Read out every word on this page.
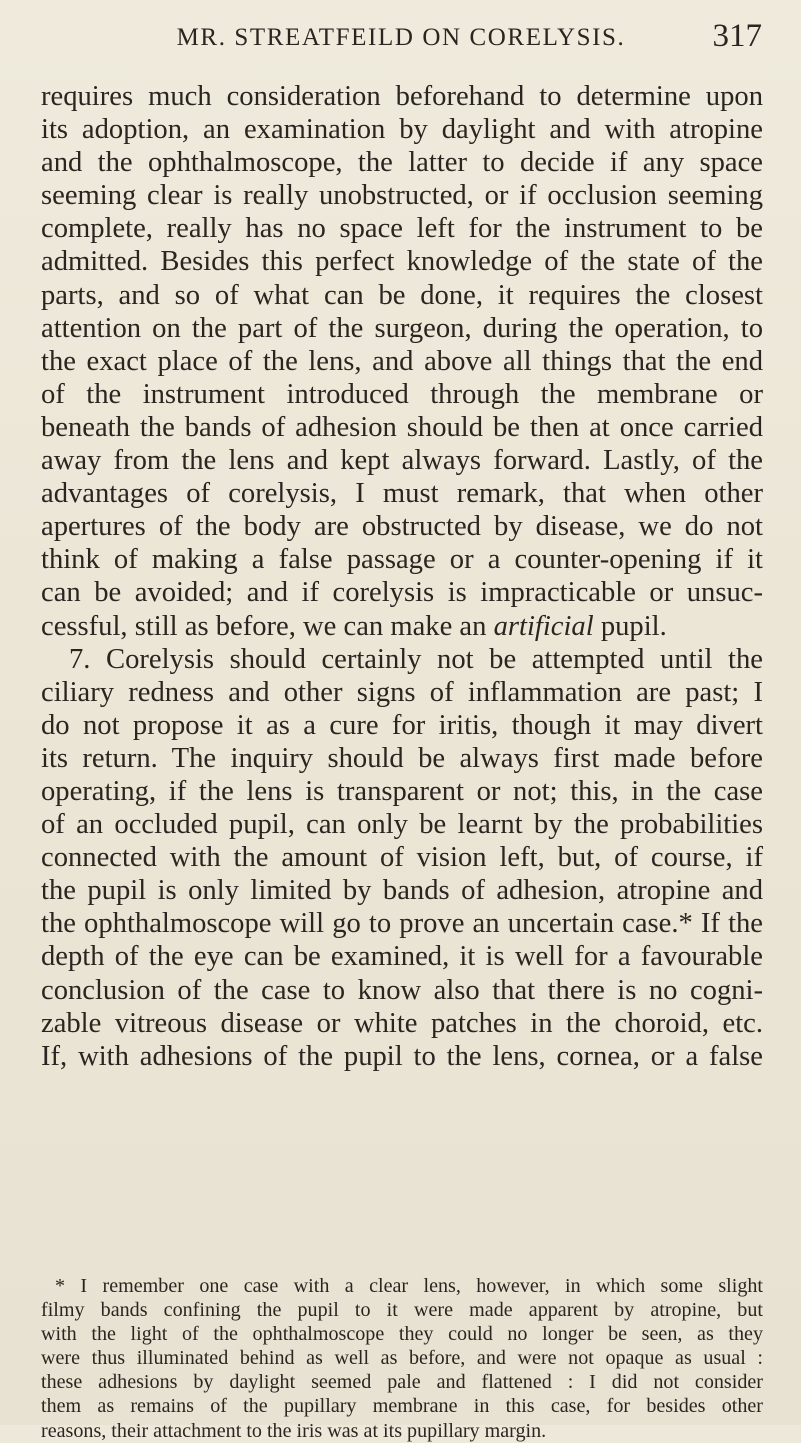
MR. STREATFEILD ON CORELYSIS.	317
requires much consideration beforehand to determine upon
its adoption, an examination by daylight and with atropine
and the ophthalmoscope, the latter to decide if any space
seeming clear is really unobstructed, or if occlusion seeming
complete, really has no space left for the instrument to be
admitted. Besides this perfect knowledge of the state of the
parts, and so of what can be done, it requires the closest
attention on the part of the surgeon, during the operation, to
the exact place of the lens, and above all things that the end
of the instrument introduced through the membrane or
beneath the bands of adhesion should be then at once carried
away from the lens and kept always forward. Lastly, of the
advantages of corelysis, I must remark, that when other
apertures of the body are obstructed by disease, we do not
think of making a false passage or a counter-opening if it
can be avoided; and if corelysis is impracticable or unsuc-
cessful, still as before, we can make an artificial pupil.
7. Corelysis should certainly not be attempted until the
ciliary redness and other signs of inflammation are past; I
do not propose it as a cure for iritis, though it may divert
its return. The inquiry should be always first made before
operating, if the lens is transparent or not; this, in the case
of an occluded pupil, can only be learnt by the probabilities
connected with the amount of vision left, but, of course, if
the pupil is only limited by bands of adhesion, atropine and
the ophthalmoscope will go to prove an uncertain case.* If the
depth of the eye can be examined, it is well for a favourable
conclusion of the case to know also that there is no cogni-
zable vitreous disease or white patches in the choroid, etc.
If, with adhesions of the pupil to the lens, cornea, or a false
* I remember one case with a clear lens, however, in which some slight
filmy bands confining the pupil to it were made apparent by atropine, but
with the light of the ophthalmoscope they could no longer be seen, as they
were thus illuminated behind as well as before, and were not opaque as usual :
these adhesions by daylight seemed pale and flattened : I did not consider
them as remains of the pupillary membrane in this case, for besides other
reasons, their attachment to the iris was at its pupillary margin.
